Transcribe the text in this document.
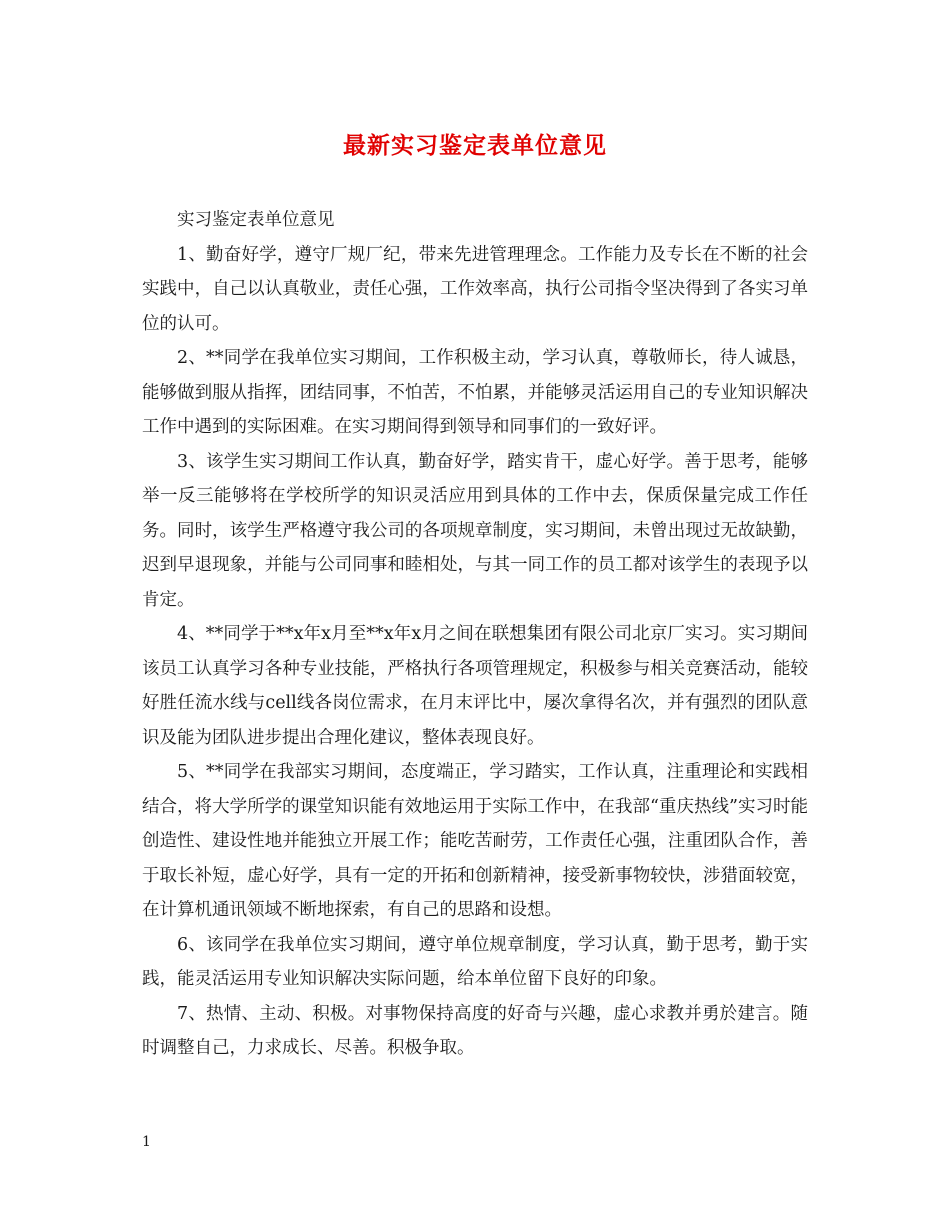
最新实习鉴定表单位意见

实习鉴定表单位意见

1、勤奋好学，遵守厂规厂纪，带来先进管理理念。工作能力及专长在不断的社会实践中，自己以认真敬业，责任心强，工作效率高，执行公司指令坚决得到了各实习单位的认可。

2、**同学在我单位实习期间，工作积极主动，学习认真，尊敬师长，待人诚恳，能够做到服从指挥，团结同事，不怕苦，不怕累，并能够灵活运用自己的专业知识解决工作中遇到的实际困难。在实习期间得到领导和同事们的一致好评。

3、该学生实习期间工作认真，勤奋好学，踏实肯干，虚心好学。善于思考，能够举一反三能够将在学校所学的知识灵活应用到具体的工作中去，保质保量完成工作任务。同时，该学生严格遵守我公司的各项规章制度，实习期间，未曾出现过无故缺勤，迟到早退现象，并能与公司同事和睦相处，与其一同工作的员工都对该学生的表现予以肯定。

4、**同学于**x年x月至**x年x月之间在联想集团有限公司北京厂实习。实习期间该员工认真学习各种专业技能，严格执行各项管理规定，积极参与相关竞赛活动，能较好胜任流水线与cell线各岗位需求，在月末评比中，屡次拿得名次，并有强烈的团队意识及能为团队进步提出合理化建议，整体表现良好。

5、**同学在我部实习期间，态度端正，学习踏实，工作认真，注重理论和实践相结合，将大学所学的课堂知识能有效地运用于实际工作中，在我部“重庆热线”实习时能创造性、建设性地并能独立开展工作；能吃苦耐劳，工作责任心强，注重团队合作，善于取长补短，虚心好学，具有一定的开拓和创新精神，接受新事物较快，涉猎面较宽，在计算机通讯领域不断地探索，有自己的思路和设想。

6、该同学在我单位实习期间，遵守单位规章制度，学习认真，勤于思考，勤于实践，能灵活运用专业知识解决实际问题，给本单位留下良好的印象。

7、热情、主动、积极。对事物保持高度的好奇与兴趣，虚心求教并勇於建言。随时调整自己，力求成长、尽善。积极争取。

1
